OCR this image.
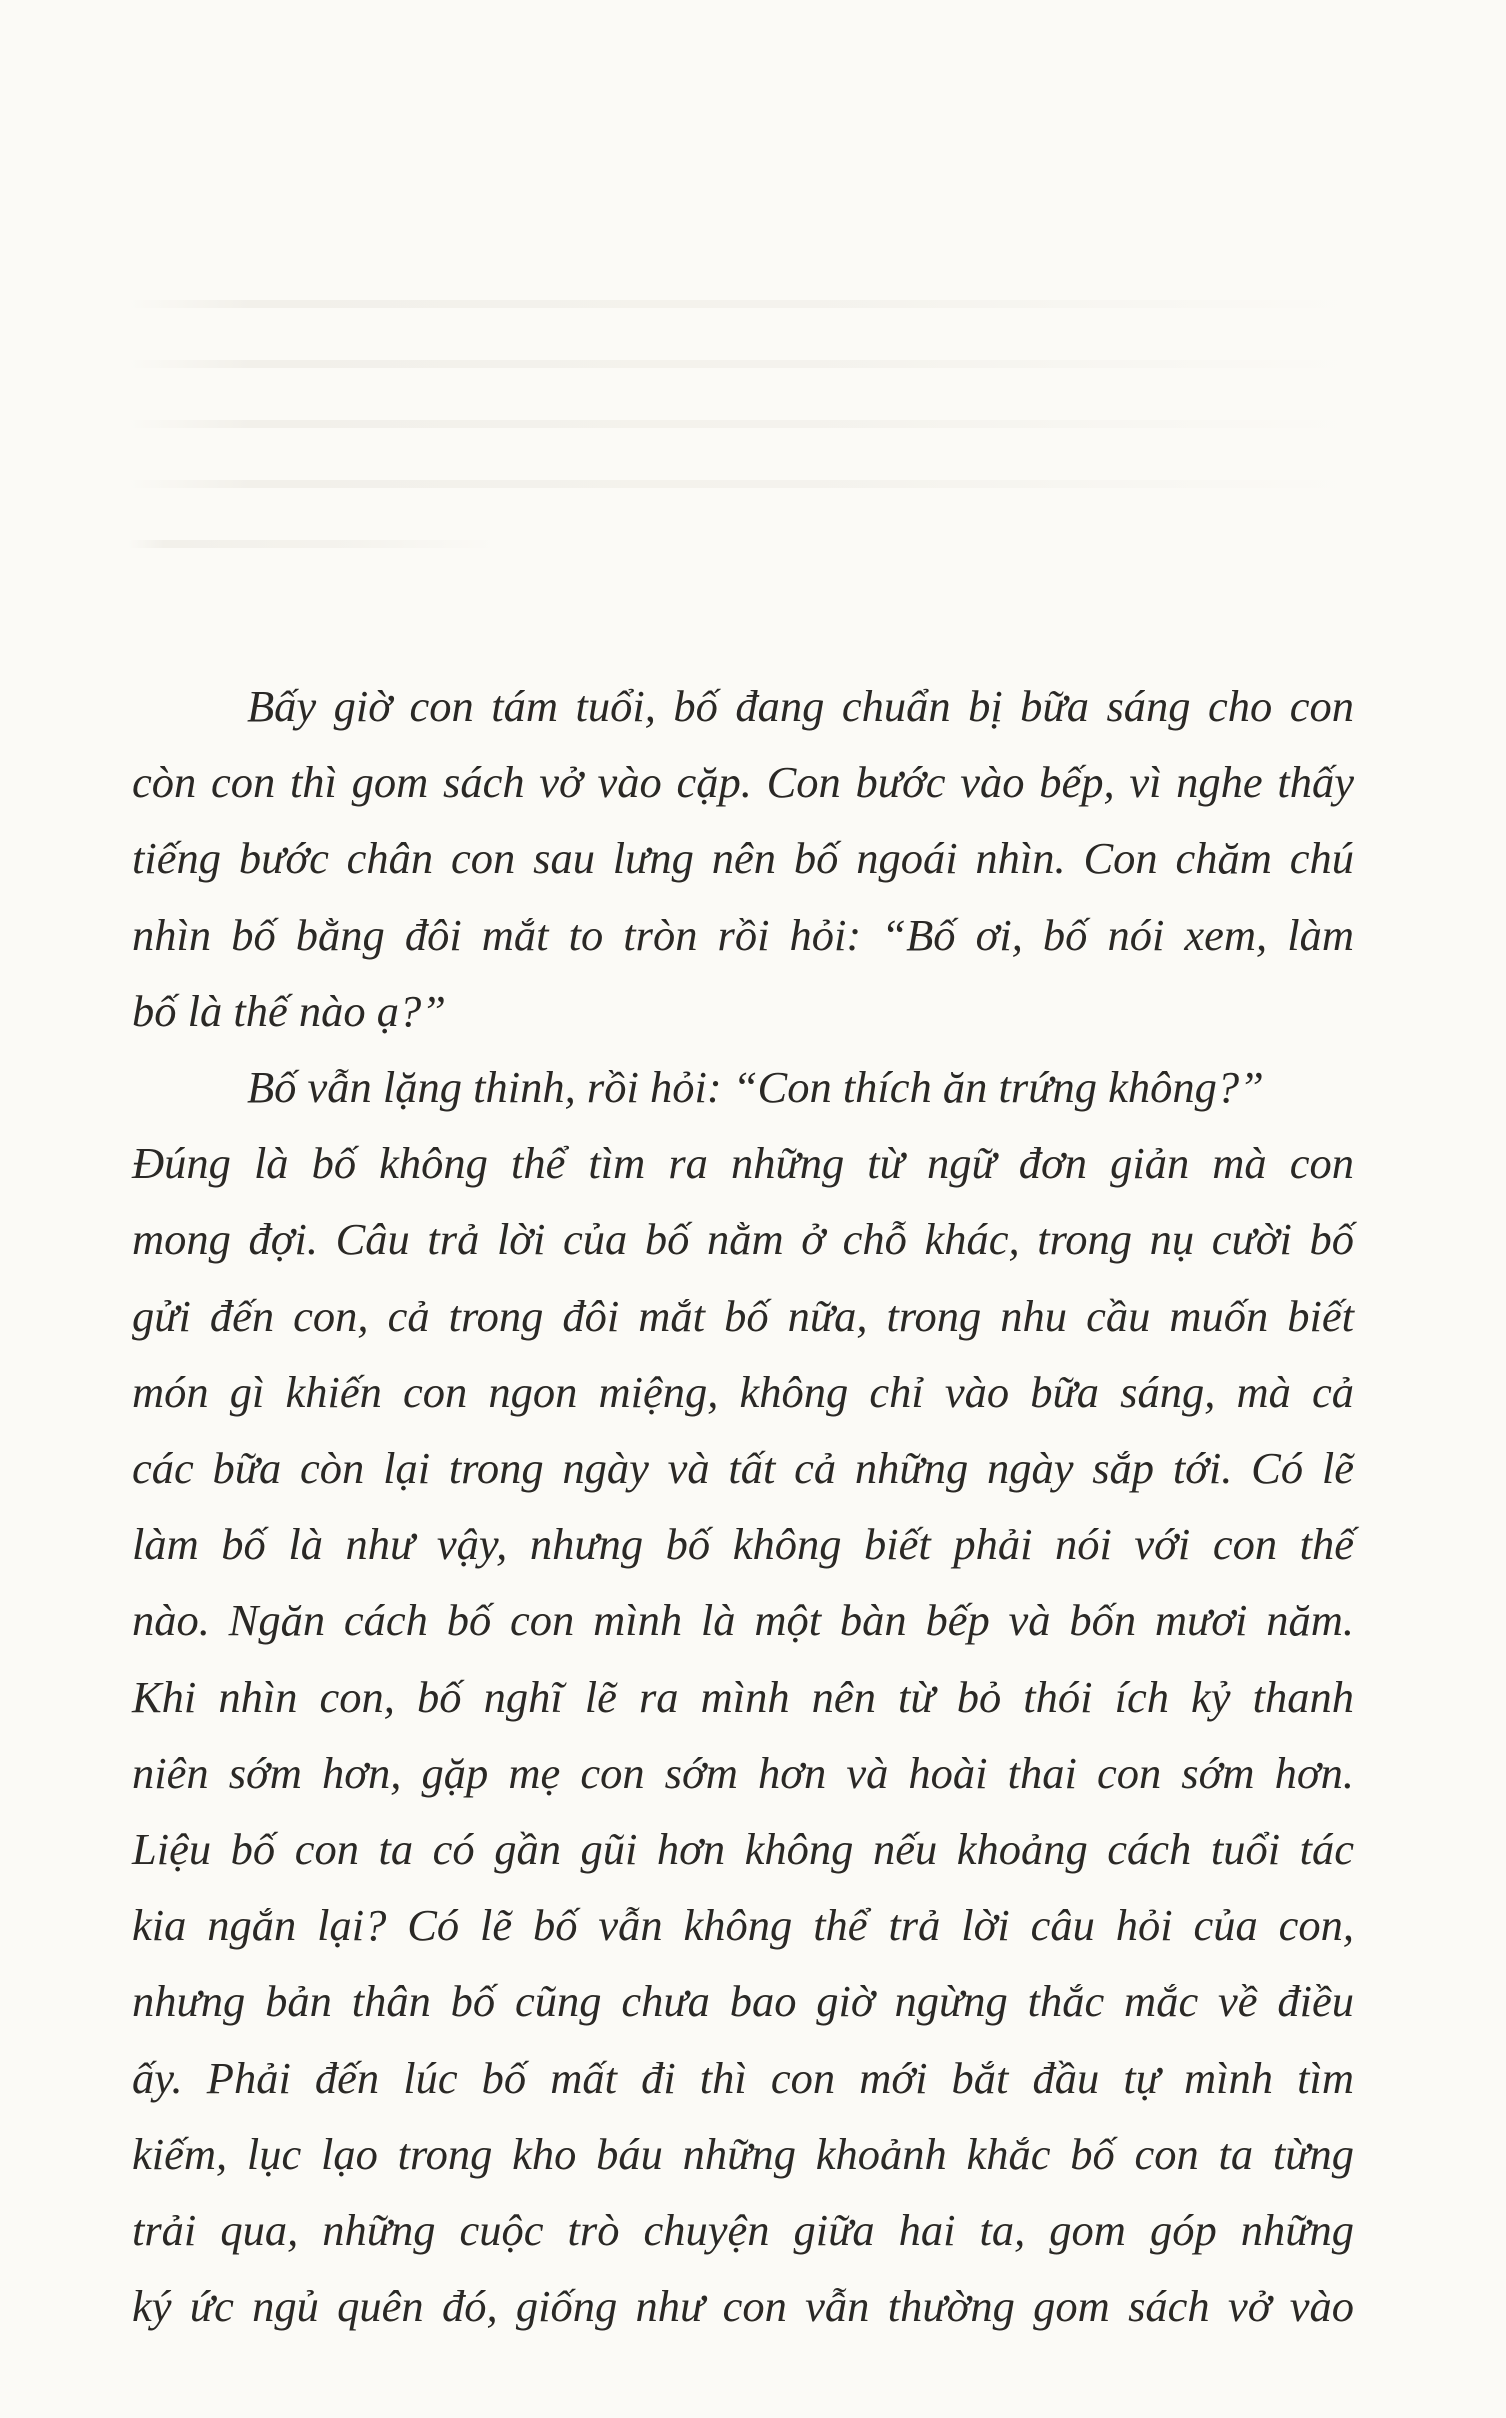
Bấy giờ con tám tuổi, bố đang chuẩn bị bữa sáng cho con
còn con thì gom sách vở vào cặp. Con bước vào bếp, vì nghe thấy
tiếng bước chân con sau lưng nên bố ngoái nhìn. Con chăm chú
nhìn bố bằng đôi mắt to tròn rồi hỏi: “Bố ơi, bố nói xem, làm
bố là thế nào ạ?”

Bố vẫn lặng thinh, rồi hỏi: “Con thích ăn trứng không?”
Đúng là bố không thể tìm ra những từ ngữ đơn giản mà con
mong đợi. Câu trả lời của bố nằm ở chỗ khác, trong nụ cười bố
gửi đến con, cả trong đôi mắt bố nữa, trong nhu cầu muốn biết
món gì khiến con ngon miệng, không chỉ vào bữa sáng, mà cả
các bữa còn lại trong ngày và tất cả những ngày sắp tới. Có lẽ
làm bố là như vậy, nhưng bố không biết phải nói với con thế
nào. Ngăn cách bố con mình là một bàn bếp và bốn mươi năm.
Khi nhìn con, bố nghĩ lẽ ra mình nên từ bỏ thói ích kỷ thanh
niên sớm hơn, gặp mẹ con sớm hơn và hoài thai con sớm hơn.
Liệu bố con ta có gần gũi hơn không nếu khoảng cách tuổi tác
kia ngắn lại? Có lẽ bố vẫn không thể trả lời câu hỏi của con,
nhưng bản thân bố cũng chưa bao giờ ngừng thắc mắc về điều
ấy. Phải đến lúc bố mất đi thì con mới bắt đầu tự mình tìm
kiếm, lục lạo trong kho báu những khoảnh khắc bố con ta từng
trải qua, những cuộc trò chuyện giữa hai ta, gom góp những
ký ức ngủ quên đó, giống như con vẫn thường gom sách vở vào
